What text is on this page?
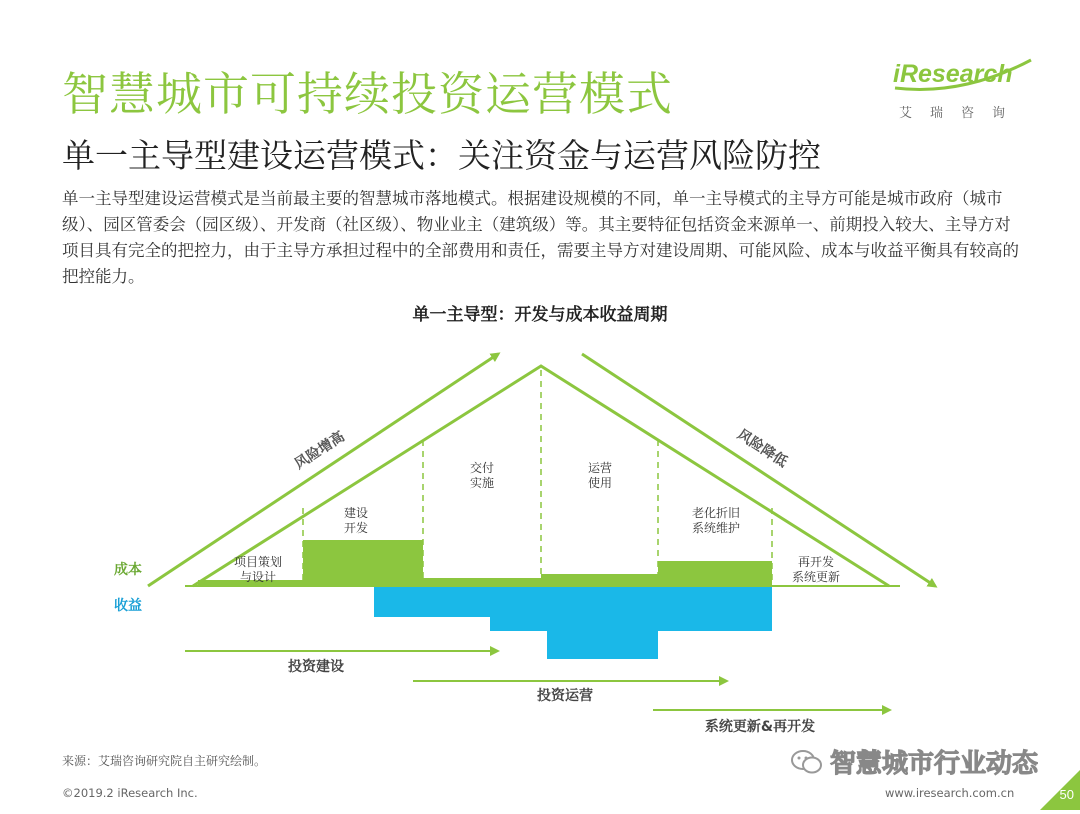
智慧城市可持续投资运营模式
单一主导型建设运营模式：关注资金与运营风险防控
iResearch
艾瑞咨询
单一主导型建设运营模式是当前最主要的智慧城市落地模式。根据建设规模的不同，单一主导模式的主导方可能是城市政府（城市级）、园区管委会（园区级）、开发商（社区级）、物业业主（建筑级）等。其主要特征包括资金来源单一、前期投入较大、主导方对项目具有完全的把控力，由于主导方承担过程中的全部费用和责任，需要主导方对建设周期、可能风险、成本与收益平衡具有较高的把控能力。
单一主导型：开发与成本收益周期
风险增高	风险降低
成本
收益
项目策划
与设计
建设
开发
交付
实施
运营
使用
老化折旧
系统维护
再开发
系统更新
投资建设
投资运营
系统更新&再开发
来源：艾瑞咨询研究院自主研究绘制。
©2019.2 iResearch Inc.	www.iresearch.com.cn
智慧城市行业动态
50
